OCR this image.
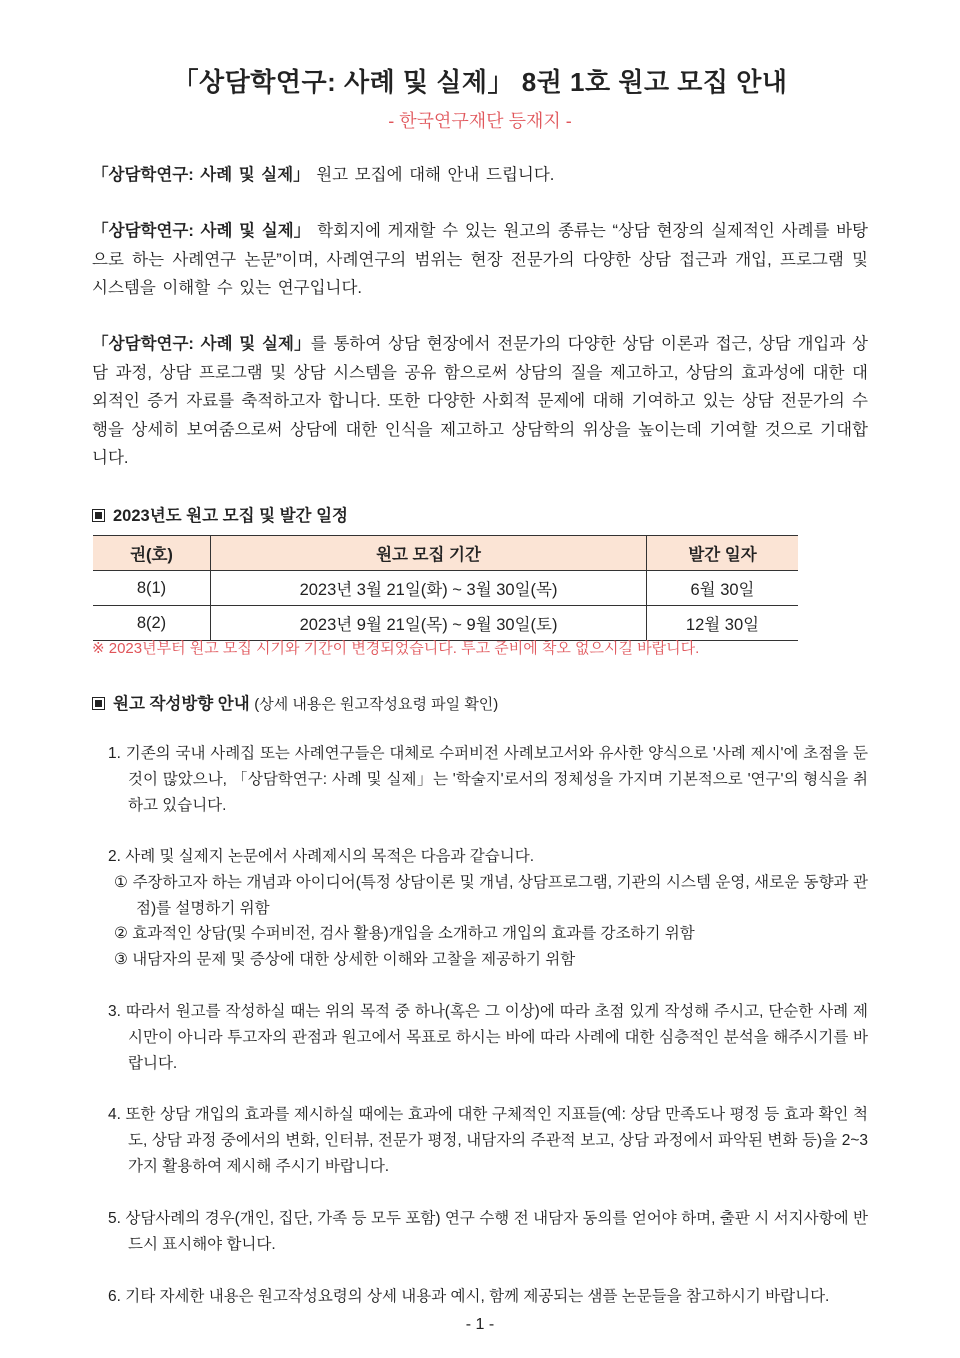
「상담학연구: 사례 및 실제」 8권 1호 원고 모집 안내
- 한국연구재단 등재지 -
「상담학연구: 사례 및 실제」 원고 모집에 대해 안내 드립니다.
「상담학연구: 사례 및 실제」 학회지에 게재할 수 있는 원고의 종류는 “상담 현장의 실제적인 사례를 바탕으로 하는 사례연구 논문”이며, 사례연구의 범위는 현장 전문가의 다양한 상담 접근과 개입, 프로그램 및 시스템을 이해할 수 있는 연구입니다.
「상담학연구: 사례 및 실제」를 통하여 상담 현장에서 전문가의 다양한 상담 이론과 접근, 상담 개입과 상담 과정, 상담 프로그램 및 상담 시스템을 공유 함으로써 상담의 질을 제고하고, 상담의 효과성에 대한 대외적인 증거 자료를 축적하고자 합니다. 또한 다양한 사회적 문제에 대해 기여하고 있는 상담 전문가의 수행을 상세히 보여줌으로써 상담에 대한 인식을 제고하고 상담학의 위상을 높이는데 기여할 것으로 기대합니다.
2023년도 원고 모집 및 발간 일정
권(호)	원고 모집 기간	발간 일자
8(1)	2023년 3월 21일(화) ~ 3월 30일(목)	6월 30일
8(2)	2023년 9월 21일(목) ~ 9월 30일(토)	12월 30일
※ 2023년부터 원고 모집 시기와 기간이 변경되었습니다. 투고 준비에 착오 없으시길 바랍니다.
원고 작성방향 안내 (상세 내용은 원고작성요령 파일 확인)
1. 기존의 국내 사례집 또는 사례연구들은 대체로 수퍼비전 사례보고서와 유사한 양식으로 '사례 제시'에 초점을 둔 것이 많았으나, 「상담학연구: 사례 및 실제」는 '학술지'로서의 정체성을 가지며 기본적으로 '연구'의 형식을 취하고 있습니다.
2. 사례 및 실제지 논문에서 사례제시의 목적은 다음과 같습니다.
① 주장하고자 하는 개념과 아이디어(특정 상담이론 및 개념, 상담프로그램, 기관의 시스템 운영, 새로운 동향과 관점)를 설명하기 위함
② 효과적인 상담(및 수퍼비전, 검사 활용)개입을 소개하고 개입의 효과를 강조하기 위함
③ 내담자의 문제 및 증상에 대한 상세한 이해와 고찰을 제공하기 위함
3. 따라서 원고를 작성하실 때는 위의 목적 중 하나(혹은 그 이상)에 따라 초점 있게 작성해 주시고, 단순한 사례 제시만이 아니라 투고자의 관점과 원고에서 목표로 하시는 바에 따라 사례에 대한 심층적인 분석을 해주시기를 바랍니다.
4. 또한 상담 개입의 효과를 제시하실 때에는 효과에 대한 구체적인 지표들(예: 상담 만족도나 평정 등 효과 확인 척도, 상담 과정 중에서의 변화, 인터뷰, 전문가 평정, 내담자의 주관적 보고, 상담 과정에서 파악된 변화 등)을 2~3가지 활용하여 제시해 주시기 바랍니다.
5. 상담사례의 경우(개인, 집단, 가족 등 모두 포함) 연구 수행 전 내담자 동의를 얻어야 하며, 출판 시 서지사항에 반드시 표시해야 합니다.
6. 기타 자세한 내용은 원고작성요령의 상세 내용과 예시, 함께 제공되는 샘플 논문들을 참고하시기 바랍니다.
- 1 -
